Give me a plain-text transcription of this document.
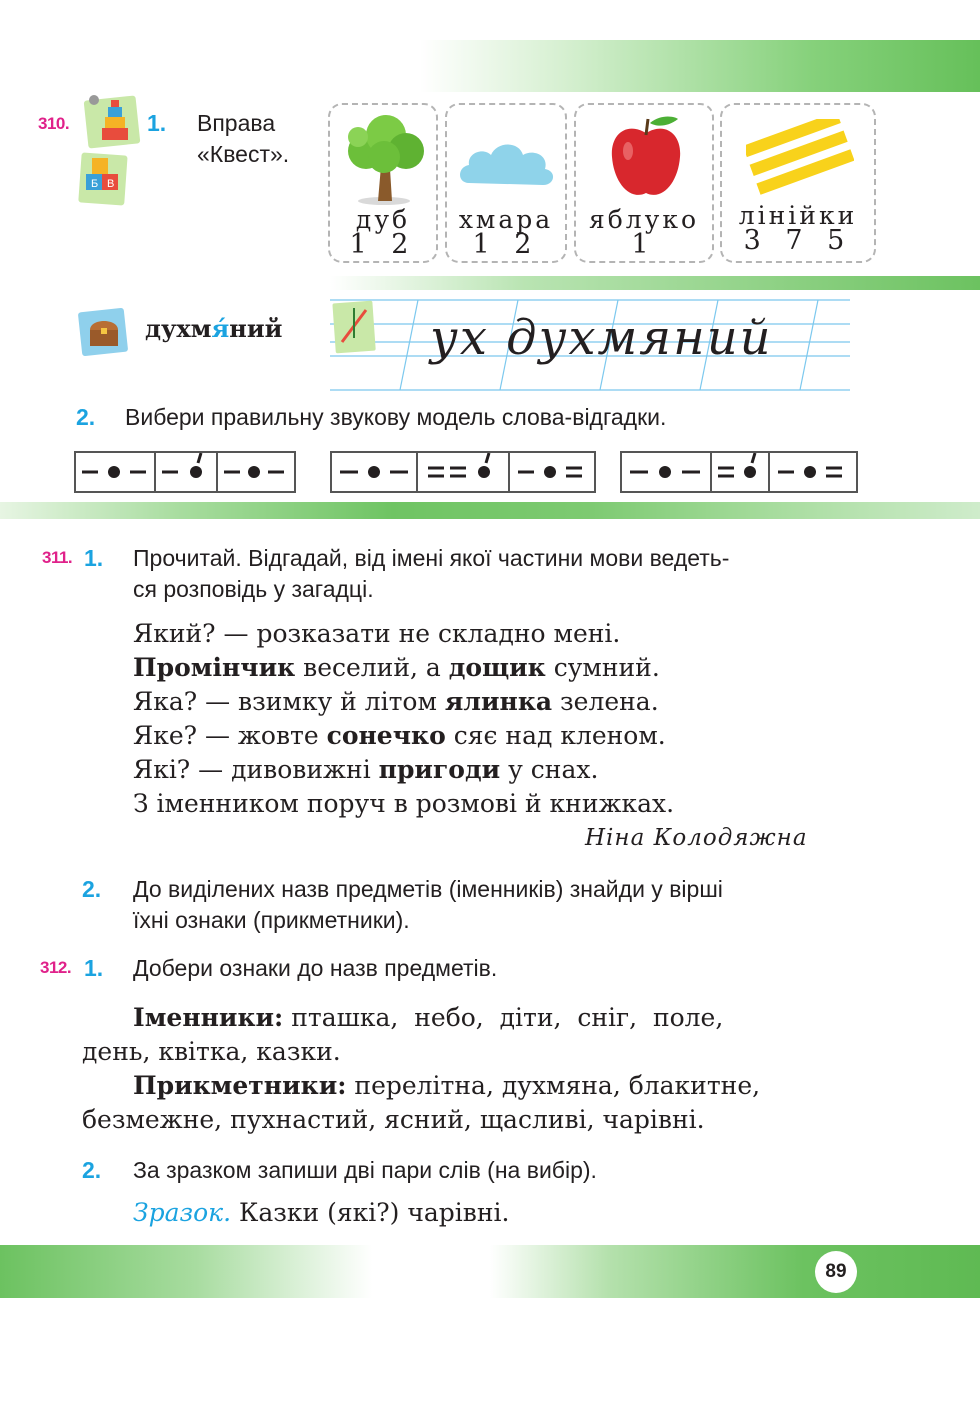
89
310.
Б В
1. Вправа
«Квест».
дуб
1 2
хмара
1 2
яблуко
1
лінійки
3 7 5
духмя́ний	ух духмяний
2. Вибери правильну звукову модель слова-відгадки.
311. 1. Прочитай. Відгадай, від імені якої частини мови ведеть-
ся розповідь у загадці.
Який? — розказати не складно мені.
Промінчик веселий, а дощик сумний.
Яка? — взимку й літом ялинка зелена.
Яке? — жовте сонечко сяє над кленом.
Які? — дивовижні пригоди у снах.
З іменником поруч в розмові й книжках.
Ніна Колодяжна
2. До виділених назв предметів (іменників) знайди у вірші
їхні ознаки (прикметники).
312. 1. Добери ознаки до назв предметів.
Іменники: пташка,  небо,  діти,  сніг,  поле,
день, квітка, казки.
Прикметники: перелітна, духмяна, блакитне,
безмежне, пухнастий, ясний, щасливі, чарівні.
2. За зразком запиши дві пари слів (на вибір).
Зразок. Казки (які?) чарівні.
